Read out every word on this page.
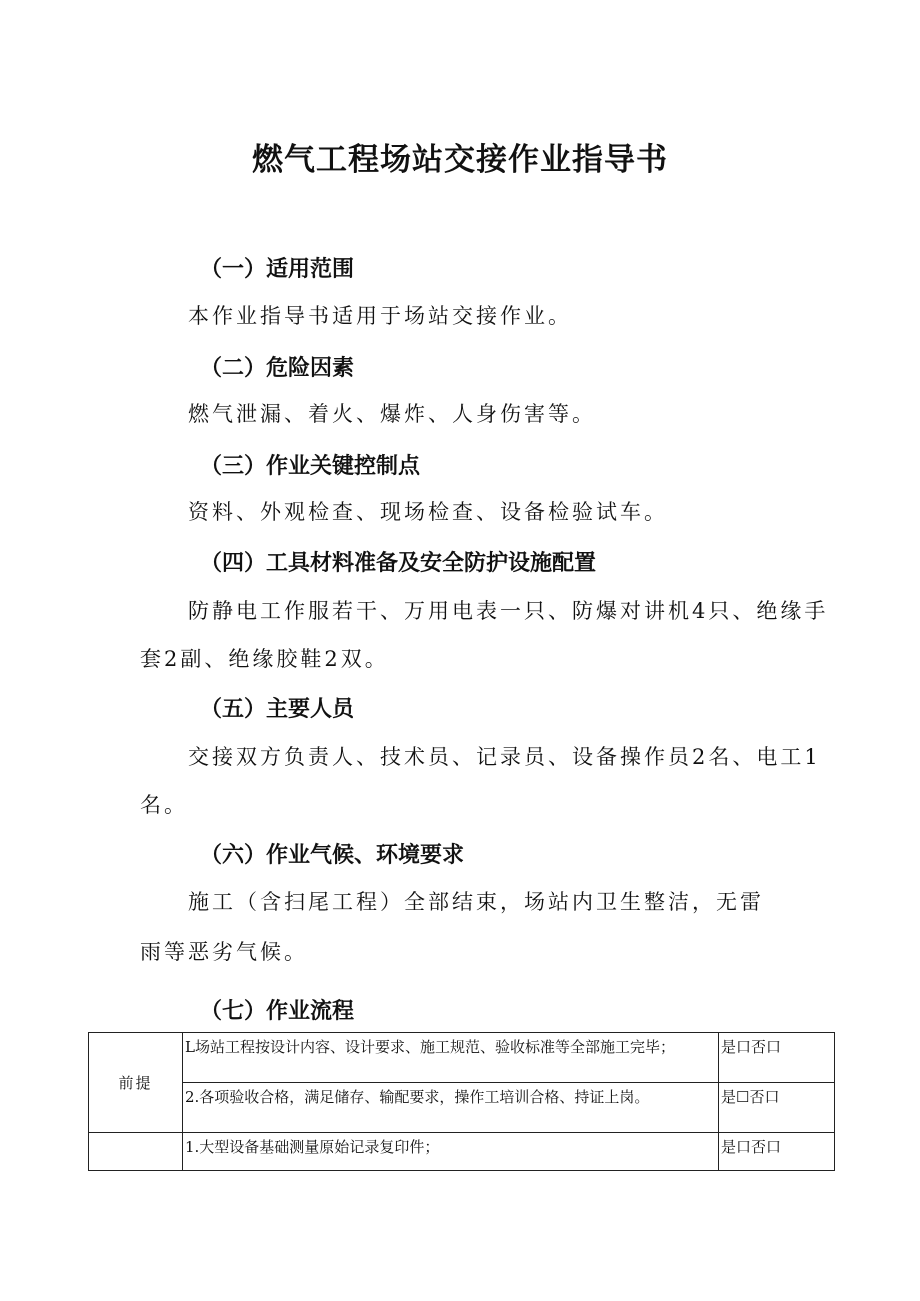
燃气工程场站交接作业指导书
（一）适用范围
本作业指导书适用于场站交接作业。
（二）危险因素
燃气泄漏、着火、爆炸、人身伤害等。
（三）作业关键控制点
资料、外观检查、现场检查、设备检验试车。
（四）工具材料准备及安全防护设施配置
防静电工作服若干、万用电表一只、防爆对讲机4只、绝缘手
套2副、绝缘胶鞋2双。
（五）主要人员
交接双方负责人、技术员、记录员、设备操作员2名、电工1
名。
（六）作业气候、环境要求
施工（含扫尾工程）全部结束，场站内卫生整洁，无雷
雨等恶劣气候。
（七）作业流程
前提	L场站工程按设计内容、设计要求、施工规范、验收标准等全部施工完毕；	是口否口
	2.各项验收合格，满足储存、输配要求，操作工培训合格、持证上岗。	是☐否口
	1.大型设备基础测量原始记录复印件；	是口否口
